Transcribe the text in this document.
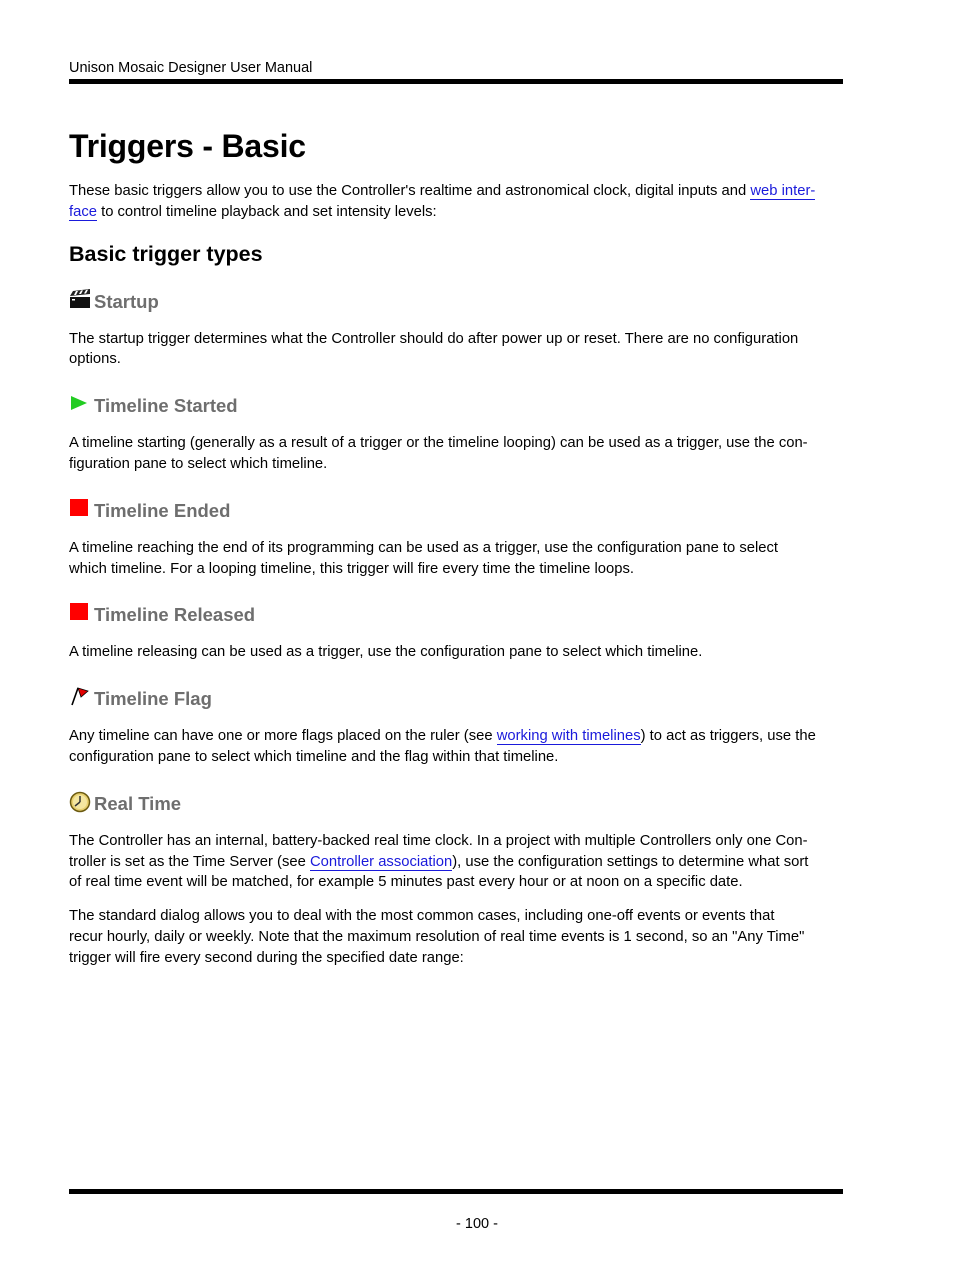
Unison Mosaic Designer User Manual
Triggers - Basic

These basic triggers allow you to use the Controller's realtime and astronomical clock, digital inputs and web inter-
face to control timeline playback and set intensity levels:

Basic trigger types
Startup

The startup trigger determines what the Controller should do after power up or reset. There are no configuration
options.

Timeline Started

A timeline starting (generally as a result of a trigger or the timeline looping) can be used as a trigger, use the con-
figuration pane to select which timeline.

Timeline Ended

A timeline reaching the end of its programming can be used as a trigger, use the configuration pane to select
which timeline. For a looping timeline, this trigger will fire every time the timeline loops.

Timeline Released

A timeline releasing can be used as a trigger, use the configuration pane to select which timeline.

Timeline Flag

Any timeline can have one or more flags placed on the ruler (see working with timelines) to act as triggers, use the
configuration pane to select which timeline and the flag within that timeline.

Real Time

The Controller has an internal, battery-backed real time clock. In a project with multiple Controllers only one Con-
troller is set as the Time Server (see Controller association), use the configuration settings to determine what sort
of real time event will be matched, for example 5 minutes past every hour or at noon on a specific date.

The standard dialog allows you to deal with the most common cases, including one-off events or events that
recur hourly, daily or weekly. Note that the maximum resolution of real time events is 1 second, so an "Any Time"
trigger will fire every second during the specified date range:

- 100 -
